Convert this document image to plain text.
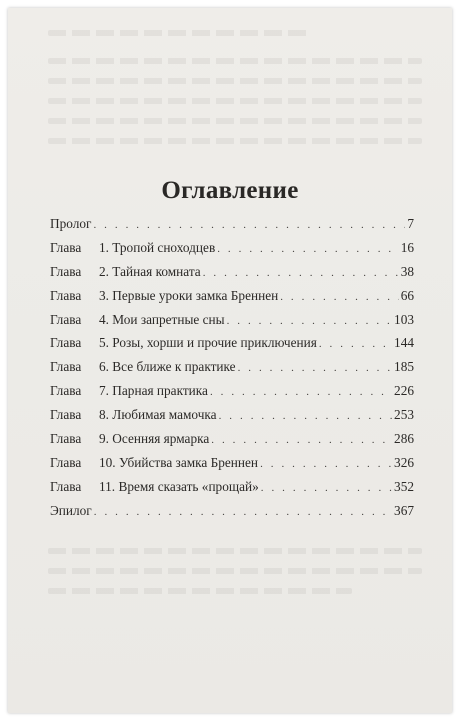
Оглавление
Пролог . . .	7
Глава	1. Тропой сноходцев . . .	16
Глава	2. Тайная комната . . .	38
Глава	3. Первые уроки замка Бреннен . . .	66
Глава	4. Мои запретные сны . . .	103
Глава	5. Розы, хорши и прочие приключения . . .	144
Глава	6. Все ближе к практике . . .	185
Глава	7. Парная практика . . .	226
Глава	8. Любимая мамочка . . .	253
Глава	9. Осенняя ярмарка . . .	286
Глава	10. Убийства замка Бреннен . . .	326
Глава	11. Время сказать «прощай» . . .	352
Эпилог . . .	367
